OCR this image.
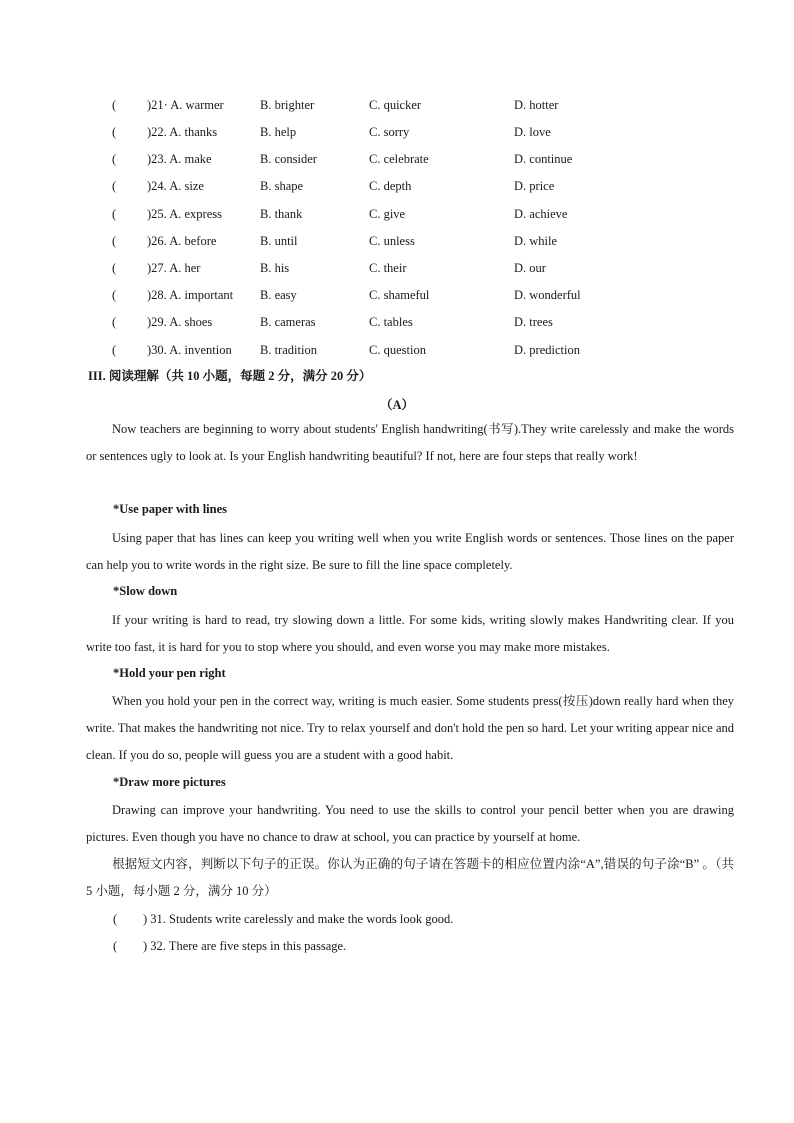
( )21· A. warmer	B. brighter	C. quicker	D. hotter
( )22. A. thanks	B. help	C. sorry	D. love
( )23. A. make	B. consider	C. celebrate	D. continue
( )24. A. size	B. shape	C. depth	D. price
( )25. A. express	B. thank	C. give	D. achieve
( )26. A. before	B. until	C. unless	D. while
( )27. A. her	B. his	C. their	D. our
( )28. A. important B. easy	C. shameful	D. wonderful
( )29. A. shoes	B. cameras	C. tables	D. trees
( )30. A. invention B. tradition	C. question	D. prediction
III. 阅读理解（共 10 小题，每题 2 分，满分 20 分）
（A）
Now teachers are beginning to worry about students' English handwriting(书写).They write carelessly and make the words or sentences ugly to look at. Is your English handwriting beautiful? If not, here are four steps that really work!
*Use paper with lines
Using paper that has lines can keep you writing well when you write English words or sentences. Those lines on the paper can help you to write words in the right size. Be sure to fill the line space completely.
*Slow down
If your writing is hard to read, try slowing down a little. For some kids, writing slowly makes Handwriting clear. If you write too fast, it is hard for you to stop where you should, and even worse you may make more mistakes.
*Hold your pen right
When you hold your pen in the correct way, writing is much easier. Some students press(按压)down really hard when they write. That makes the handwriting not nice. Try to relax yourself and don't hold the pen so hard. Let your writing appear nice and clean. If you do so, people will guess you are a student with a good habit.
*Draw more pictures
Drawing can improve your handwriting. You need to use the skills to control your pencil better when you are drawing pictures. Even though you have no chance to draw at school, you can practice by yourself at home.
根据短文内容，判断以下句子的正误。你认为正确的句子请在答题卡的相应位置内涂“A”,错误的句子涂“B” 。（共 5 小题，每小题 2 分，满分 10 分）
( ) 31. Students write carelessly and make the words look good.
( ) 32. There are five steps in this passage.
